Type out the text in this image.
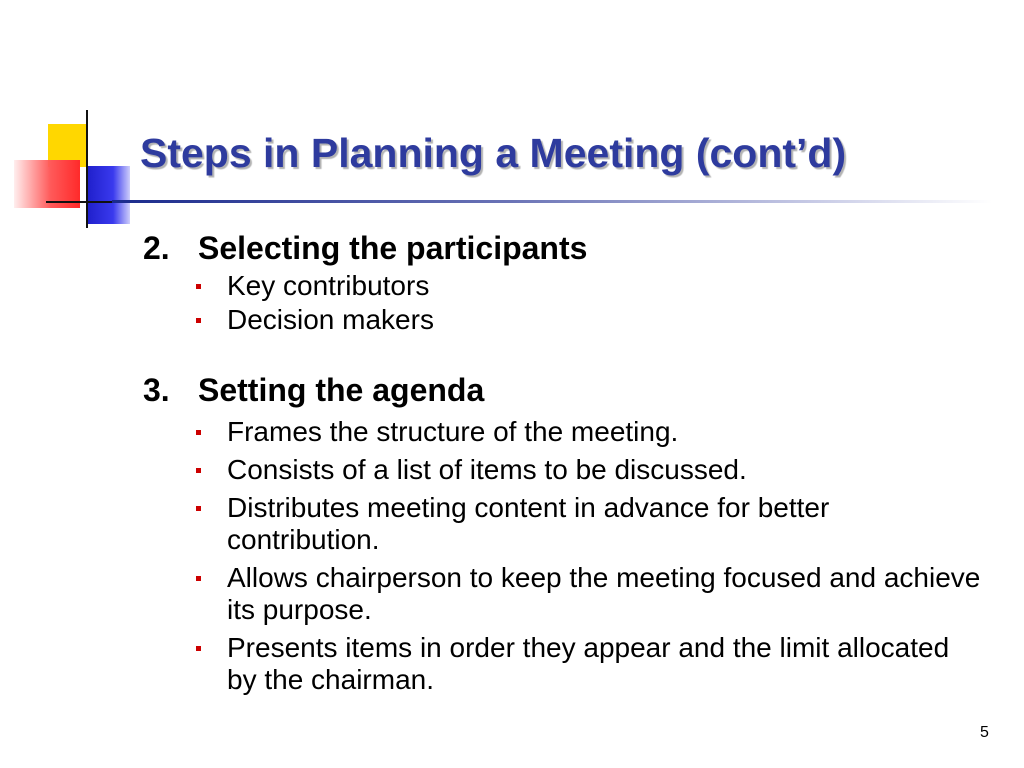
Steps in Planning a Meeting (cont’d)

2. Selecting the participants

Key contributors
Decision makers

3. Setting the agenda

Frames the structure of the meeting.
Consists of a list of items to be discussed.
Distributes meeting content in advance for better contribution.
Allows chairperson to keep the meeting focused and achieve its purpose.
Presents items in order they appear and the limit allocated by the chairman.
5
